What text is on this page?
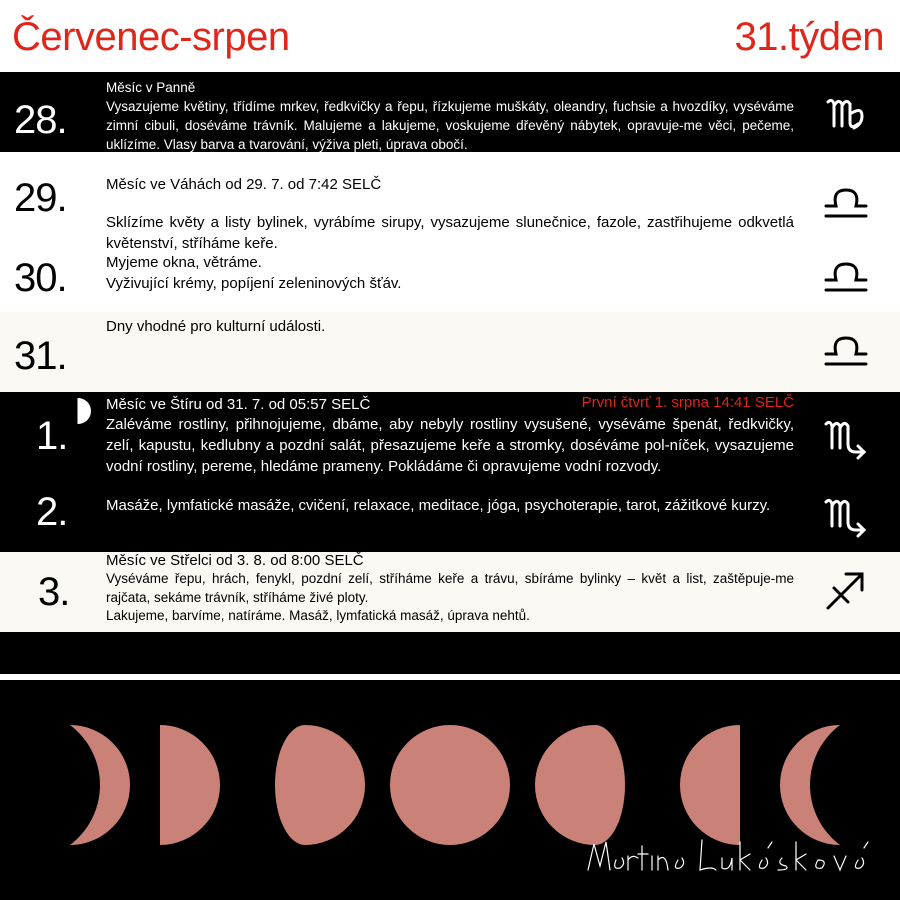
Červenec-srpen	31.týden
28.
Měsíc v Panně
Vysazujeme květiny, třídíme mrkev, ředkvičky a řepu, řízkujeme muškáty, oleandry, fuchsie a hvozdíky, vyséváme zimní cibuli, doséváme trávník. Malujeme a lakujeme, voskujeme dřevěný nábytek, opravuje-me věci, pečeme, uklízíme. Vlasy barva a tvarování, výživa pleti, úprava obočí.
29.	Měsíc ve Váhách od 29. 7. od 7:42 SELČ
Sklízíme květy a listy bylinek, vyrábíme sirupy, vysazujeme slunečnice, fazole, zastřihujeme odkvetlá květenství, stříháme keře.
30.	Myjeme okna, větráme.
Vyživující krémy, popíjení zeleninových šťáv.
31.
Dny vhodné pro kulturní události.
1.
Měsíc ve Štíru od 31. 7. od 05:57 SELČ	První čtvrť 1. srpna 14:41 SELČ
Zaléváme rostliny, přihnojujeme, dbáme, aby nebyly rostliny vysušené, vyséváme špenát, ředkvičky, zelí, kapustu, kedlubny a pozdní salát, přesazujeme keře a stromky, doséváme pol-níček, vysazujeme vodní rostliny, pereme, hledáme prameny. Pokládáme či opravujeme vodní rozvody.
2.	Masáže, lymfatické masáže, cvičení, relaxace, meditace, jóga, psychoterapie, tarot, zážitkové kurzy.
3.
Měsíc ve Střelci od 3. 8. od 8:00 SELČ
Vyséváme řepu, hrách, fenykl, pozdní zelí, stříháme keře a trávu, sbíráme bylinky – květ a list, zaštěpuje-me rajčata, sekáme trávník, stříháme živé ploty.
Lakujeme, barvíme, natíráme. Masáž, lymfatická masáž, úprava nehtů.
